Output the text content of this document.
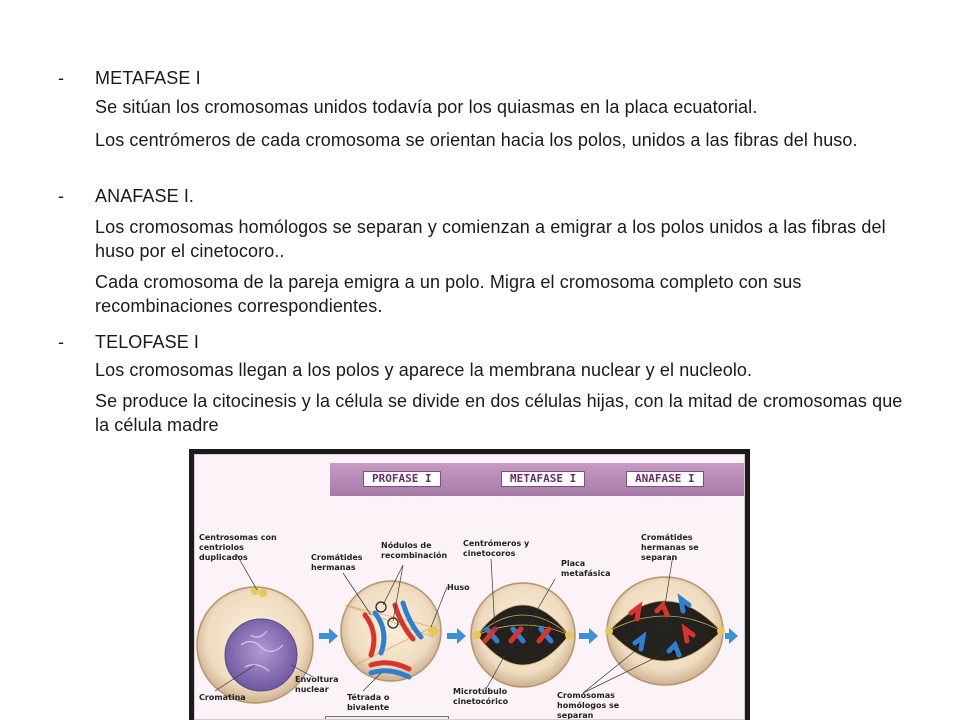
-	METAFASE I
Se sitúan los cromosomas unidos todavía por los quiasmas en la placa ecuatorial.
Los centrómeros de cada cromosoma se orientan hacia los polos, unidos a las fibras del huso.
-	ANAFASE I.
Los cromosomas homólogos se separan y comienzan a emigrar a los polos unidos a las fibras del huso por el cinetocoro..
Cada cromosoma de la pareja emigra a un polo. Migra el cromosoma completo con sus recombinaciones correspondientes.
-	TELOFASE I
Los cromosomas llegan a los polos y aparece la membrana nuclear y el nucleolo.
Se produce la citocinesis y la célula se divide en dos células hijas, con la mitad de cromosomas que la célula madre
PROFASE I	METAFASE I	ANAFASE I
Centrosomas con centriolos duplicados	Cromátides hermanas
Nódulos de recombinación
Huso
Centrómeros y cinetocoros
Placa metafásica
Cromátides hermanas se separan
Cromatina
Envoltura nuclear
Tétrada o bivalente
Microtúbulo cinetocórico
Cromosomas homólogos se separan
